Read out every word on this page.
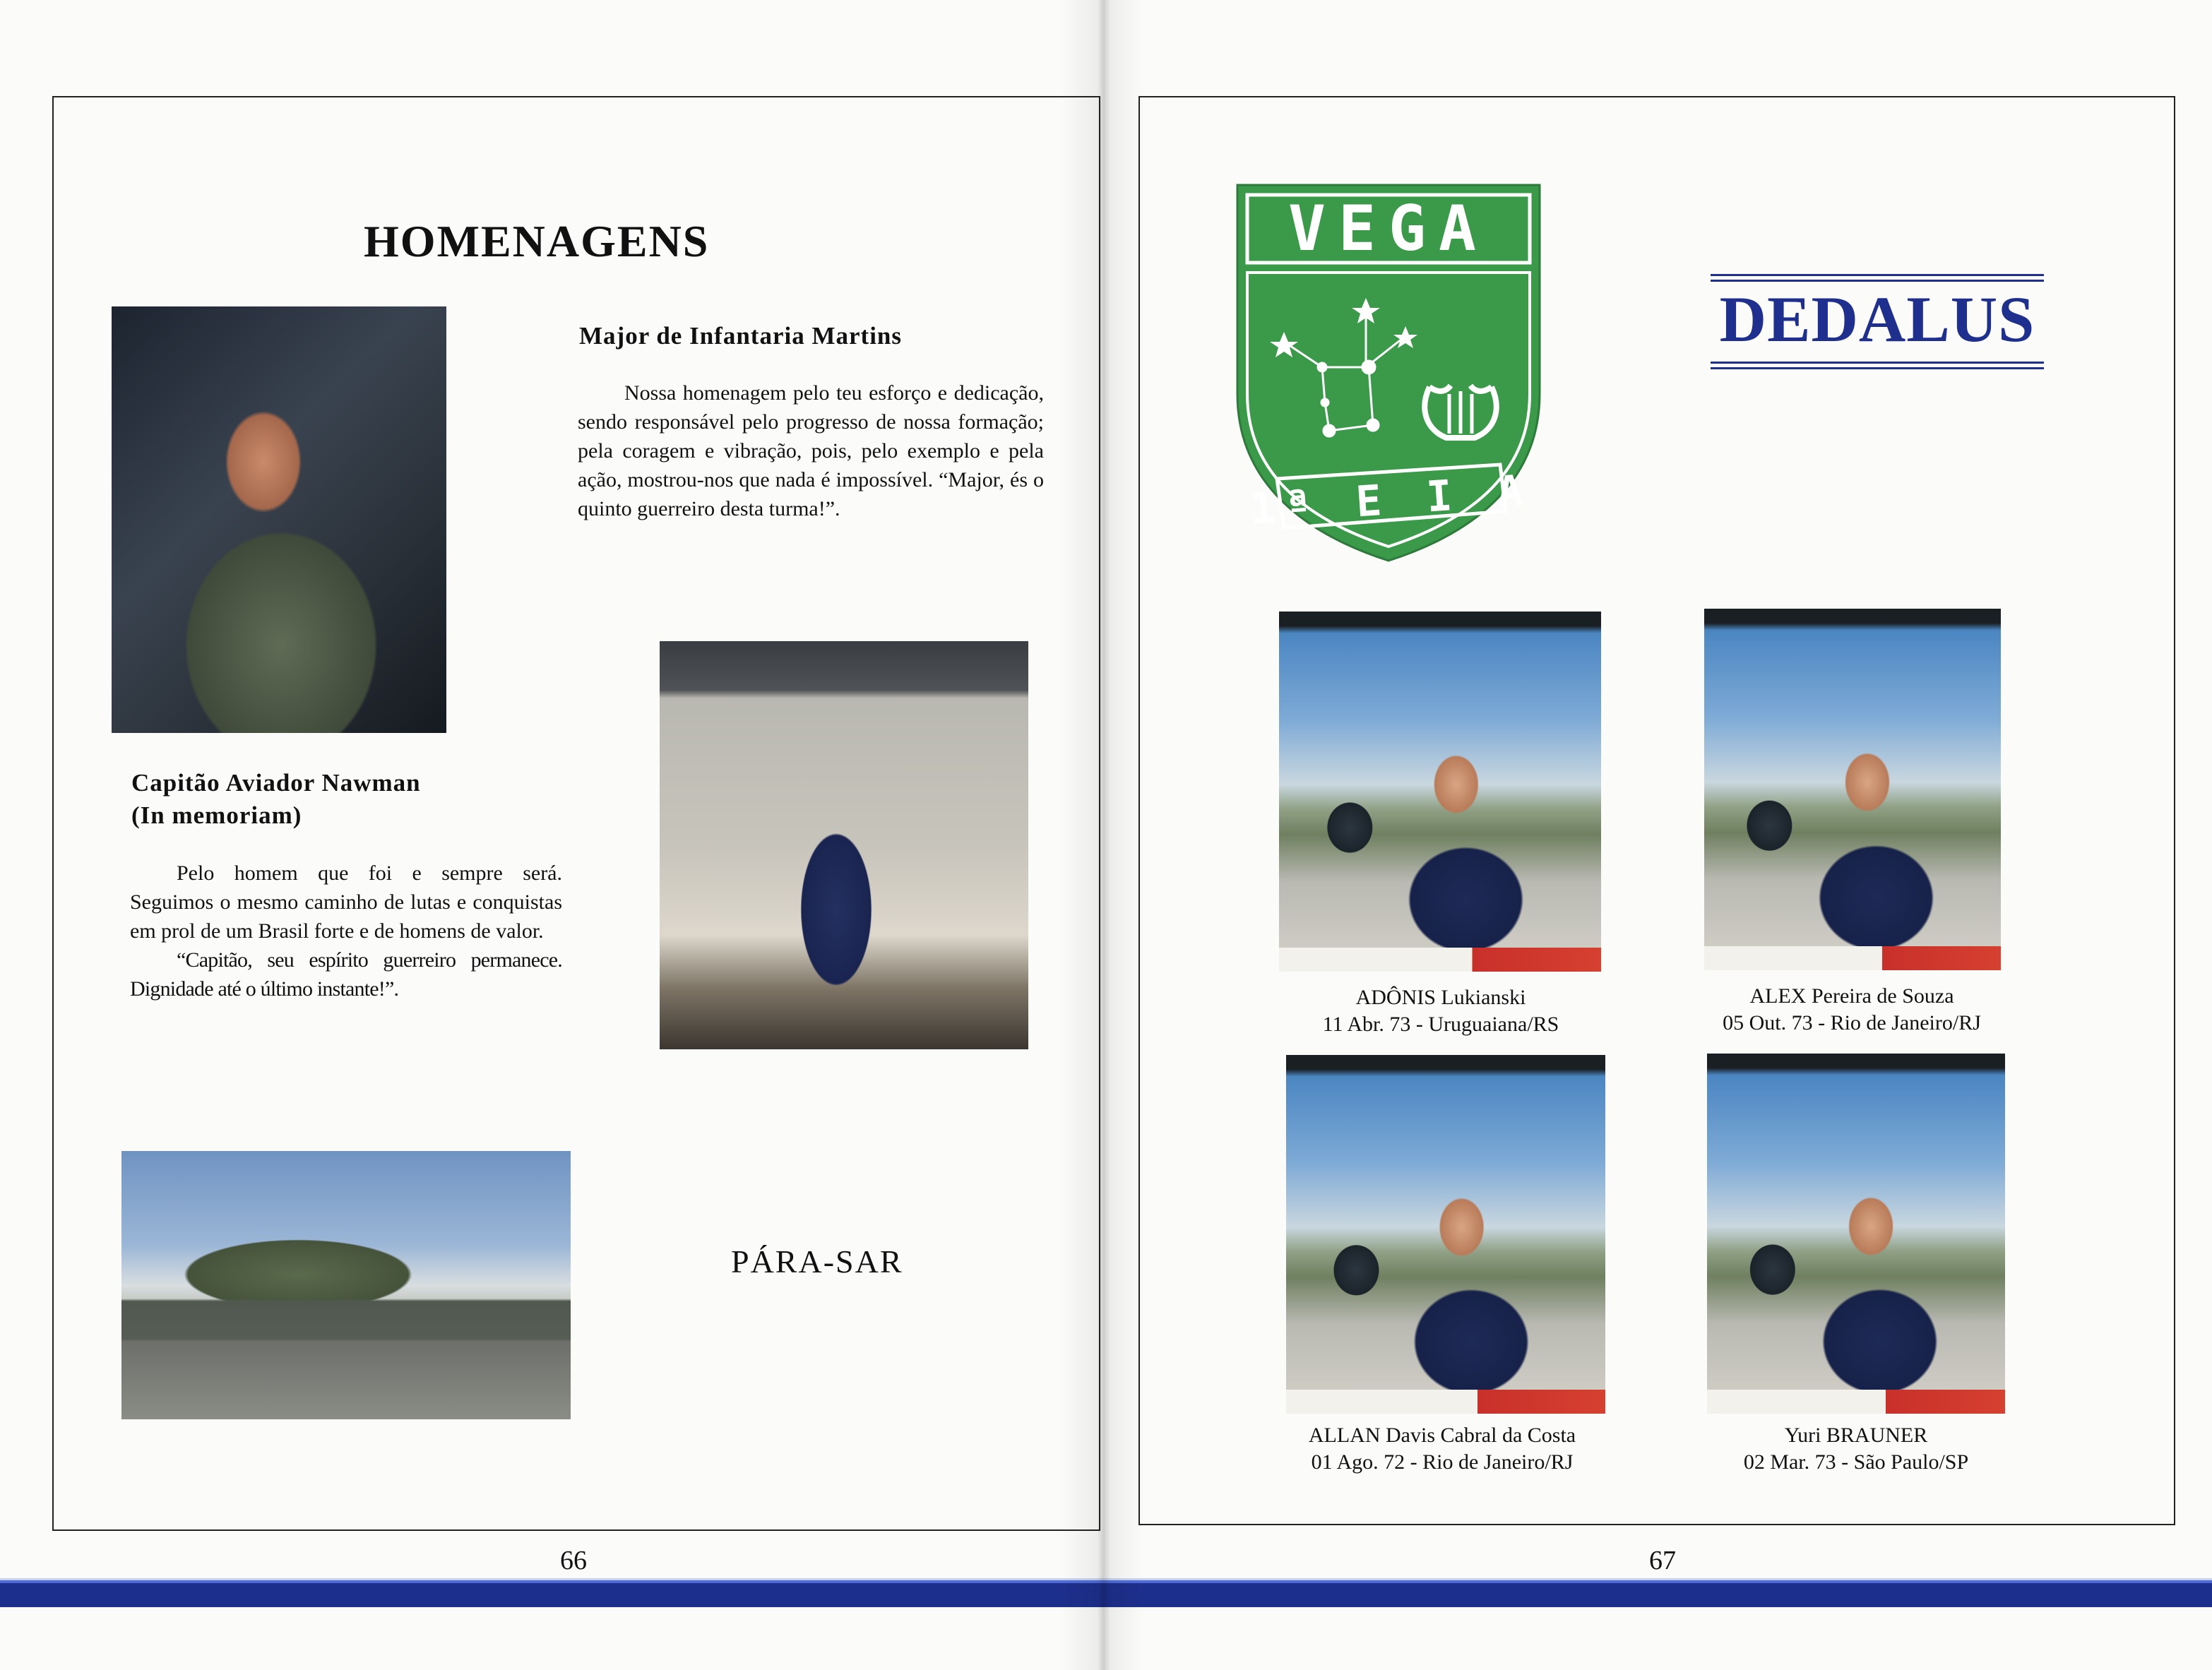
HOMENAGENS
Major de Infantaria Martins

Nossa homenagem pelo teu esforço e dedicação, sendo responsável pelo progresso de nossa formação; pela coragem e vibração, pois, pelo exemplo e pela ação, mostrou-nos que nada é impossível. “Major, és o quinto guerreiro desta turma!”.

Capitão Aviador Nawman
(In memoriam)

Pelo homem que foi e sempre será. Seguimos o mesmo caminho de lutas e conquistas em prol de um Brasil forte e de homens de valor.

“Capitão, seu espírito guerreiro permanece. Dignidade até o último instante!”.

PÁRA-SAR
66	67
VEGA
1ª E I A
DEDALUS
ADÔNIS Lukianski
11 Abr. 73 - Uruguaiana/RS
ALEX Pereira de Souza
05 Out. 73 - Rio de Janeiro/RJ
ALLAN Davis Cabral da Costa
01 Ago. 72 - Rio de Janeiro/RJ
Yuri BRAUNER
02 Mar. 73 - São Paulo/SP
